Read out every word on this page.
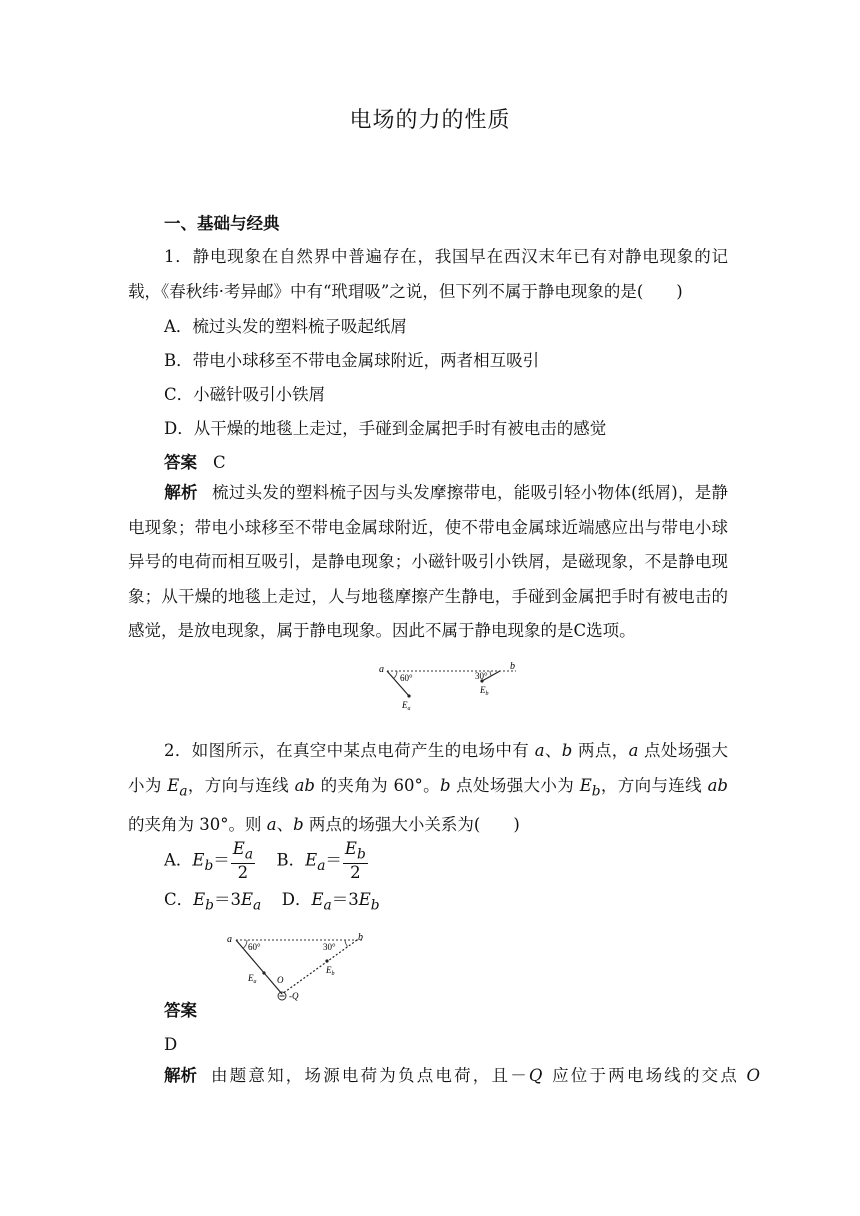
电场的力的性质
一、基础与经典
1．静电现象在自然界中普遍存在，我国早在西汉末年已有对静电现象的记载，《春秋纬·考异邮》中有“玳瑁吸”之说，但下列不属于静电现象的是(　　)
A．梳过头发的塑料梳子吸起纸屑
B．带电小球移至不带电金属球附近，两者相互吸引
C．小磁针吸引小铁屑
D．从干燥的地毯上走过，手碰到金属把手时有被电击的感觉
答案 C
解析 梳过头发的塑料梳子因与头发摩擦带电，能吸引轻小物体(纸屑)，是静电现象；带电小球移至不带电金属球附近，使不带电金属球近端感应出与带电小球异号的电荷而相互吸引，是静电现象；小磁针吸引小铁屑，是磁现象，不是静电现象；从干燥的地毯上走过，人与地毯摩擦产生静电，手碰到金属把手时有被电击的感觉，是放电现象，属于静电现象。因此不属于静电现象的是C选项。
a	b
60°	30°
$E_a$
$E_b$
2．如图所示，在真空中某点电荷产生的电场中有 a、b 两点，a 点处场强大小为 $E_a$，方向与连线 ab 的夹角为 60°。b 点处场强大小为 $E_b$，方向与连线 ab 的夹角为 30°。则 a、b 两点的场强大小关系为(　　)
A．$E_b= \frac{E_a}{2}$ B．$E_a= \frac{E_b}{2}$
C．$E_b=3E_a$ D．$E_a=3E_b$
a	b
60°	30°
O
-Q
$E_a$
$E_b$
答案
D
解析 由题意知，场源电荷为负点电荷，且－Q 应位于两电场线的交点 O
